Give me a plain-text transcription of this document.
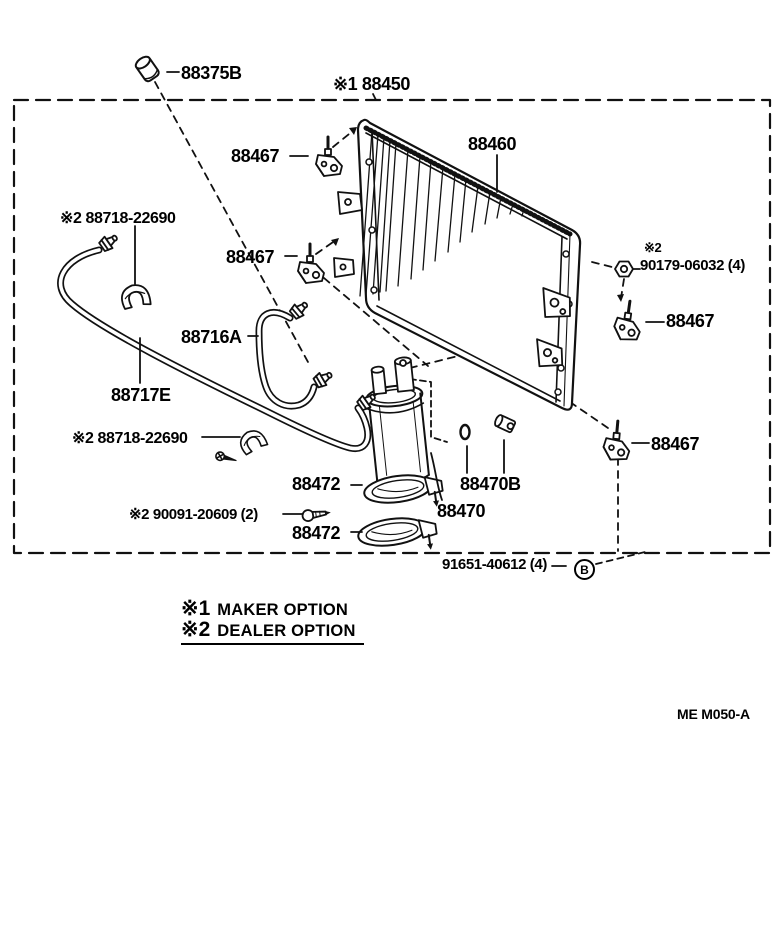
88375B
※1 88450
88460
88467
88467	※2
90179-06032 (4)
88467
※2 88718-22690
88716A
88717E
※2 88718-22690	88467
88472	88470B
88470
※2 90091-20609 (2)
88472
91651-40612 (4)	B
※1 MAKER OPTION
※2 DEALER OPTION
ME M050-A
